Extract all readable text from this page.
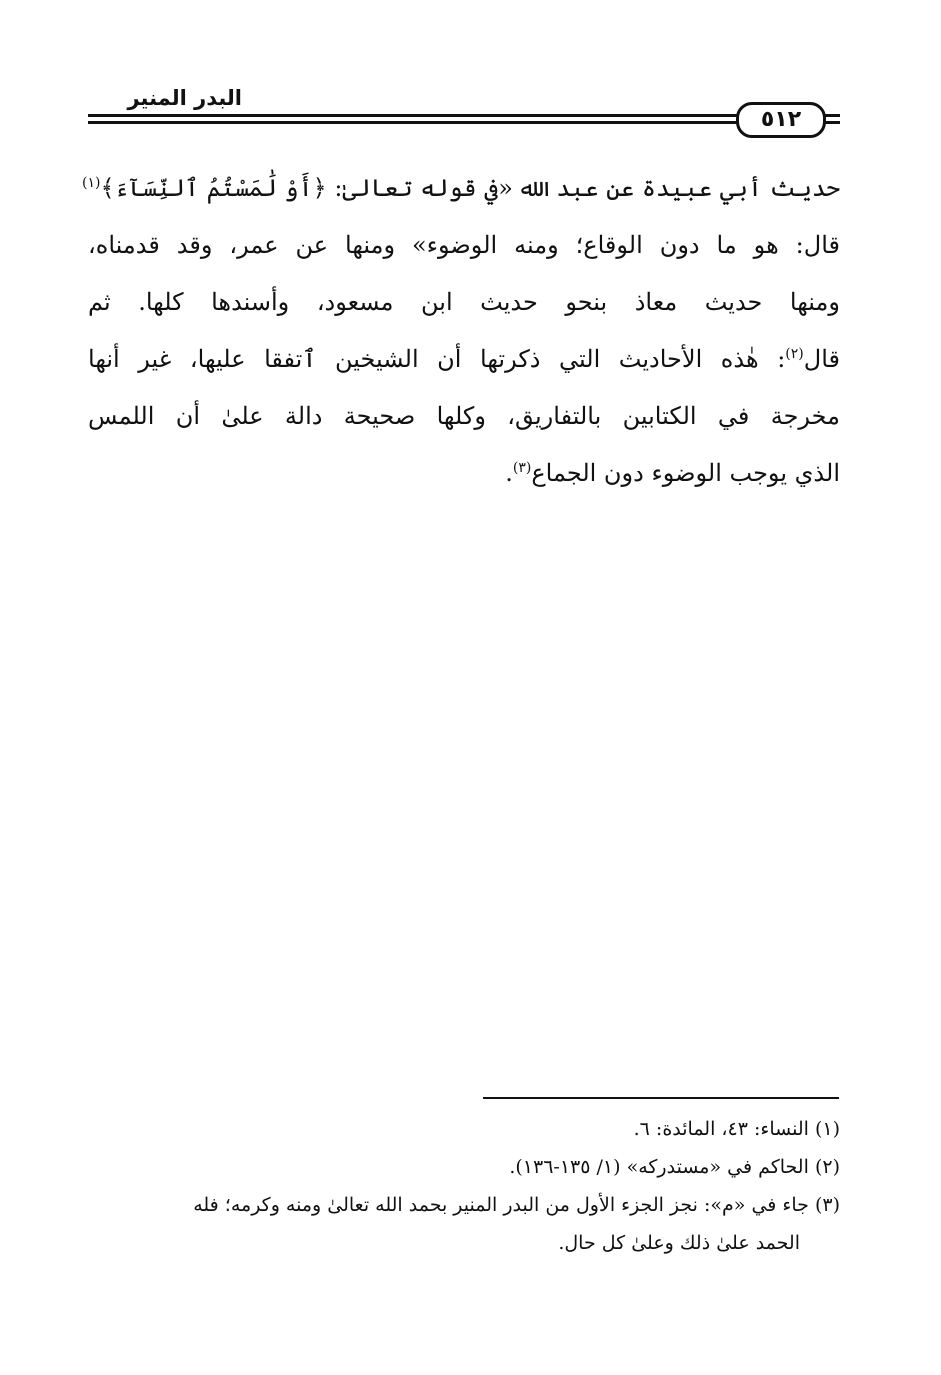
البدر المنير
٥١٢
حديث أبي عبيدة عن عبد الله «في قوله تعالىٰ: ﴿أَوْ لَٰمَسْتُمُ ٱلنِّسَآءَ﴾$^{(١)}$
قال: هو ما دون الوقاع؛ ومنه الوضوء» ومنها عن عمر، وقد قدمناه،
ومنها حديث معاذ بنحو حديث ابن مسعود، وأسندها كلها. ثم
قال$^{(٢)}$: هٰذه الأحاديث التي ذكرتها أن الشيخين ٱتفقا عليها، غير أنها
مخرجة في الكتابين بالتفاريق، وكلها صحيحة دالة علىٰ أن اللمس
الذي يوجب الوضوء دون الجماع$^{(٣)}$.
(١) النساء: ٤٣، المائدة: ٦.
(٢) الحاكم في «مستدركه» (١/ ١٣٥-١٣٦).
(٣) جاء في «م»: نجز الجزء الأول من البدر المنير بحمد الله تعالىٰ ومنه وكرمه؛ فله
الحمد علىٰ ذلك وعلىٰ كل حال.
